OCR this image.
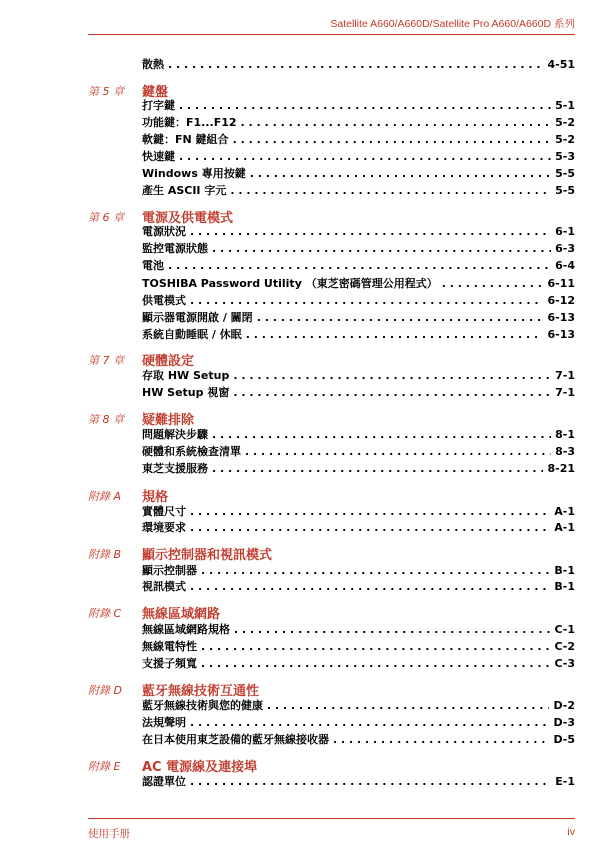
Satellite A660/A660D/Satellite Pro A660/A660D 系列
散熱 . . .	4-51
第 5 章 鍵盤
打字鍵 . . .	5-1
功能鍵：F1...F12 . . .	5-2
軟鍵：FN 鍵組合 . . .	5-2
快速鍵 . . .	5-3
Windows 專用按鍵 . . .	5-5
產生 ASCII 字元 . . .	5-5
第 6 章 電源及供電模式
電源狀況 . . .	6-1
監控電源狀態 . . .	6-3
電池 . . .	6-4
TOSHIBA Password Utility （東芝密碼管理公用程式） . . .	6-11
供電模式 . . .	6-12
顯示器電源開啟 / 關閉 . . .	6-13
系統自動睡眠 / 休眠 . . .	6-13
第 7 章 硬體設定
存取 HW Setup . . .	7-1
HW Setup 視窗 . . .	7-1
第 8 章 疑難排除
問題解決步驟 . . .	8-1
硬體和系統檢查清單 . . .	8-3
東芝支援服務 . . .	8-21
附錄 A 規格
實體尺寸 . . .	A-1
環境要求 . . .	A-1
附錄 B 顯示控制器和視訊模式
顯示控制器 . . .	B-1
視訊模式 . . .	B-1
附錄 C 無線區域網路
無線區域網路規格 . . .	C-1
無線電特性 . . .	C-2
支援子頻寬 . . .	C-3
附錄 D 藍牙無線技術互通性
藍牙無線技術與您的健康 . . .	D-2
法規聲明 . . .	D-3
在日本使用東芝設備的藍牙無線接收器 . . .	D-5
附錄 E AC 電源線及連接埠
認證單位 . . .	E-1
使用手册	iv
